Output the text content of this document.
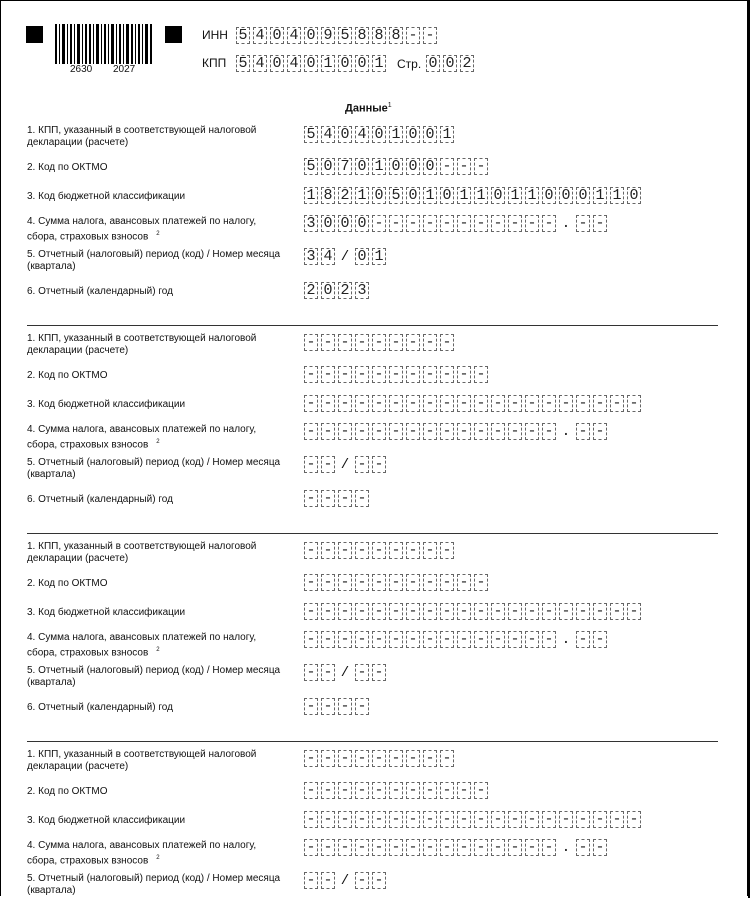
2630 2027
ИНН 5 4 0 4 0 9 5 8 8 8 - -
КПП 5 4 0 4 0 1 0 0 1 Стр. 0 0 2
Данные$^1$
1. КПП, указанный в соответствующей налоговой декларации (расчете)	5 4 0 4 0 1 0 0 1
2. Код по ОКТМО	5 0 7 0 1 0 0 0 - - -
3. Код бюджетной классификации	1 8 2 1 0 5 0 1 0 1 1 0 1 1 0 0 0 1 1 0
4. Сумма налога, авансовых платежей по налогу, сбора, страховых взносов $^2$
3 0 0 0 - - - - - - - - - - - . - -
5. Отчетный (налоговый) период (код) / Номер месяца (квартала)
3 4 / 0 1
6. Отчетный (календарный) год	2 0 2 3
1. КПП, указанный в соответствующей налоговой декларации (расчете)	- - - - - - - - -
2. Код по ОКТМО	- - - - - - - - - - -
3. Код бюджетной классификации	- - - - - - - - - - - - - - - - - - - -
4. Сумма налога, авансовых платежей по налогу, сбора, страховых взносов $^2$
- - - - - - - - - - - - - - - . - -
5. Отчетный (налоговый) период (код) / Номер месяца (квартала)
- - / - -
6. Отчетный (календарный) год	- - - -
1. КПП, указанный в соответствующей налоговой декларации (расчете)	- - - - - - - - -
2. Код по ОКТМО	- - - - - - - - - - -
3. Код бюджетной классификации	- - - - - - - - - - - - - - - - - - - -
4. Сумма налога, авансовых платежей по налогу, сбора, страховых взносов $^2$
- - - - - - - - - - - - - - - . - -
5. Отчетный (налоговый) период (код) / Номер месяца (квартала)
- - / - -
6. Отчетный (календарный) год	- - - -
1. КПП, указанный в соответствующей налоговой декларации (расчете)	- - - - - - - - -
2. Код по ОКТМО	- - - - - - - - - - -
3. Код бюджетной классификации	- - - - - - - - - - - - - - - - - - - -
4. Сумма налога, авансовых платежей по налогу, сбора, страховых взносов $^2$
- - - - - - - - - - - - - - - . - -
5. Отчетный (налоговый) период (код) / Номер месяца (квартала)
- - / - -
